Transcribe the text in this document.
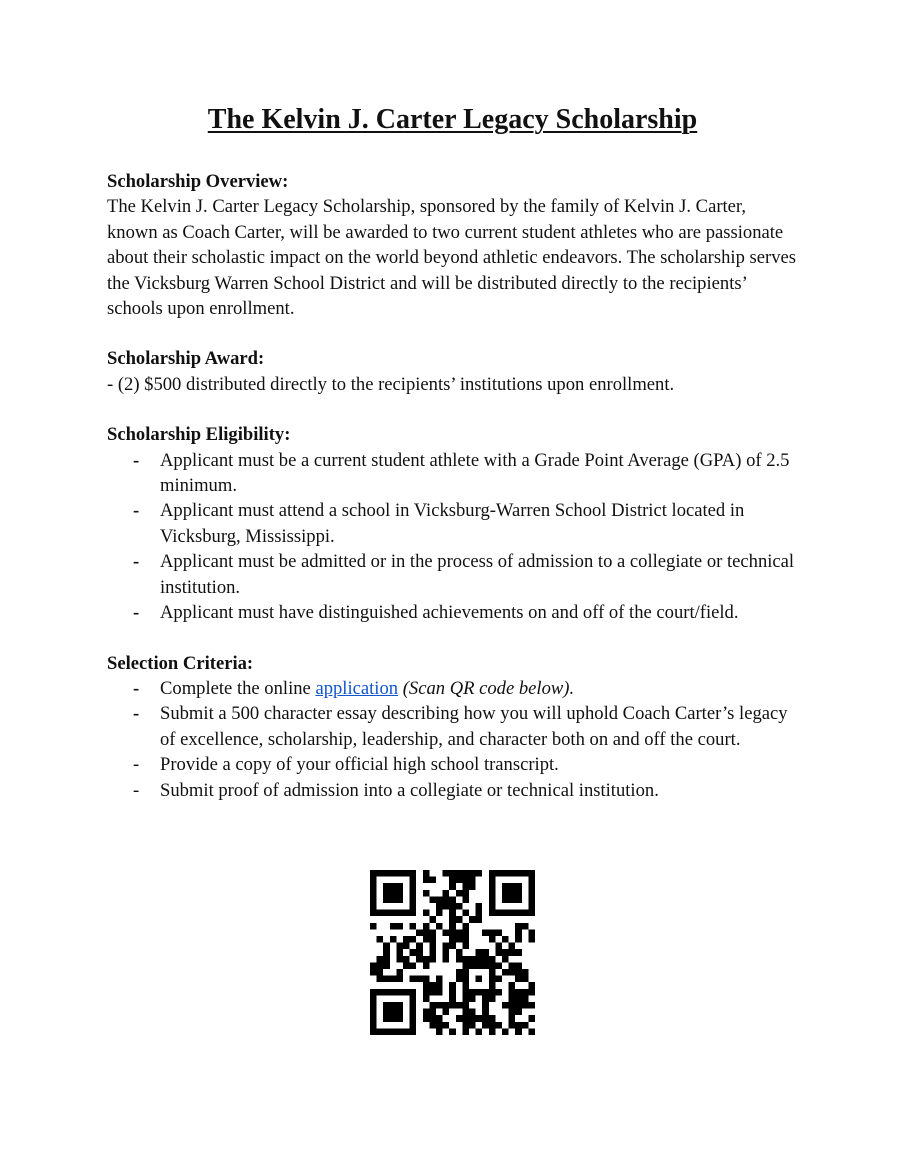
The Kelvin J. Carter Legacy Scholarship

Scholarship Overview:

The Kelvin J. Carter Legacy Scholarship, sponsored by the family of Kelvin J. Carter, known as Coach Carter, will be awarded to two current student athletes who are passionate about their scholastic impact on the world beyond athletic endeavors. The scholarship serves the Vicksburg Warren School District and will be distributed directly to the recipients’ schools upon enrollment.

Scholarship Award:

- (2) $500 distributed directly to the recipients’ institutions upon enrollment.

Scholarship Eligibility:

-	Applicant must be a current student athlete with a Grade Point Average (GPA) of 2.5 minimum.
-	Applicant must attend a school in Vicksburg-Warren School District located in Vicksburg, Mississippi.
-	Applicant must be admitted or in the process of admission to a collegiate or technical institution.
-	Applicant must have distinguished achievements on and off of the court/field.

Selection Criteria:

-	Complete the online application (Scan QR code below).
-	Submit a 500 character essay describing how you will uphold Coach Carter’s legacy of excellence, scholarship, leadership, and character both on and off the court.
-	Provide a copy of your official high school transcript.
-	Submit proof of admission into a collegiate or technical institution.
